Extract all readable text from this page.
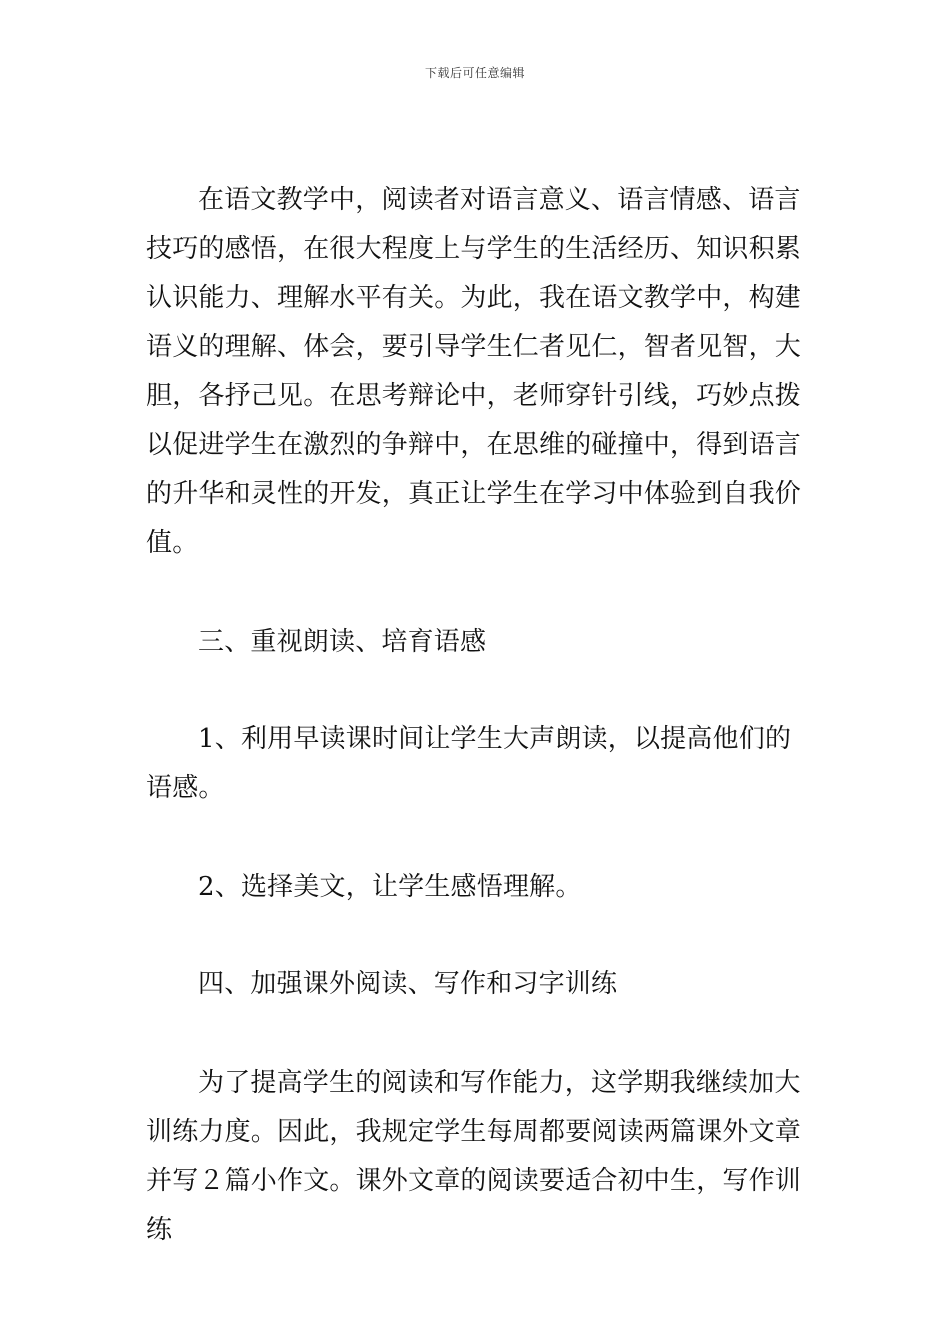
下载后可任意编辑

在语文教学中，阅读者对语言意义、语言情感、语言技巧的感悟，在很大程度上与学生的生活经历、知识积累认识能力、理解水平有关。为此，我在语文教学中，构建语义的理解、体会，要引导学生仁者见仁，智者见智，大胆，各抒己见。在思考辩论中，老师穿针引线，巧妙点拨以促进学生在激烈的争辩中，在思维的碰撞中，得到语言的升华和灵性的开发，真正让学生在学习中体验到自我价值。

三、重视朗读、培育语感

1、利用早读课时间让学生大声朗读，以提高他们的语感。

2、选择美文，让学生感悟理解。

四、加强课外阅读、写作和习字训练

为了提高学生的阅读和写作能力，这学期我继续加大训练力度。因此，我规定学生每周都要阅读两篇课外文章并写２篇小作文。课外文章的阅读要适合初中生，写作训练
